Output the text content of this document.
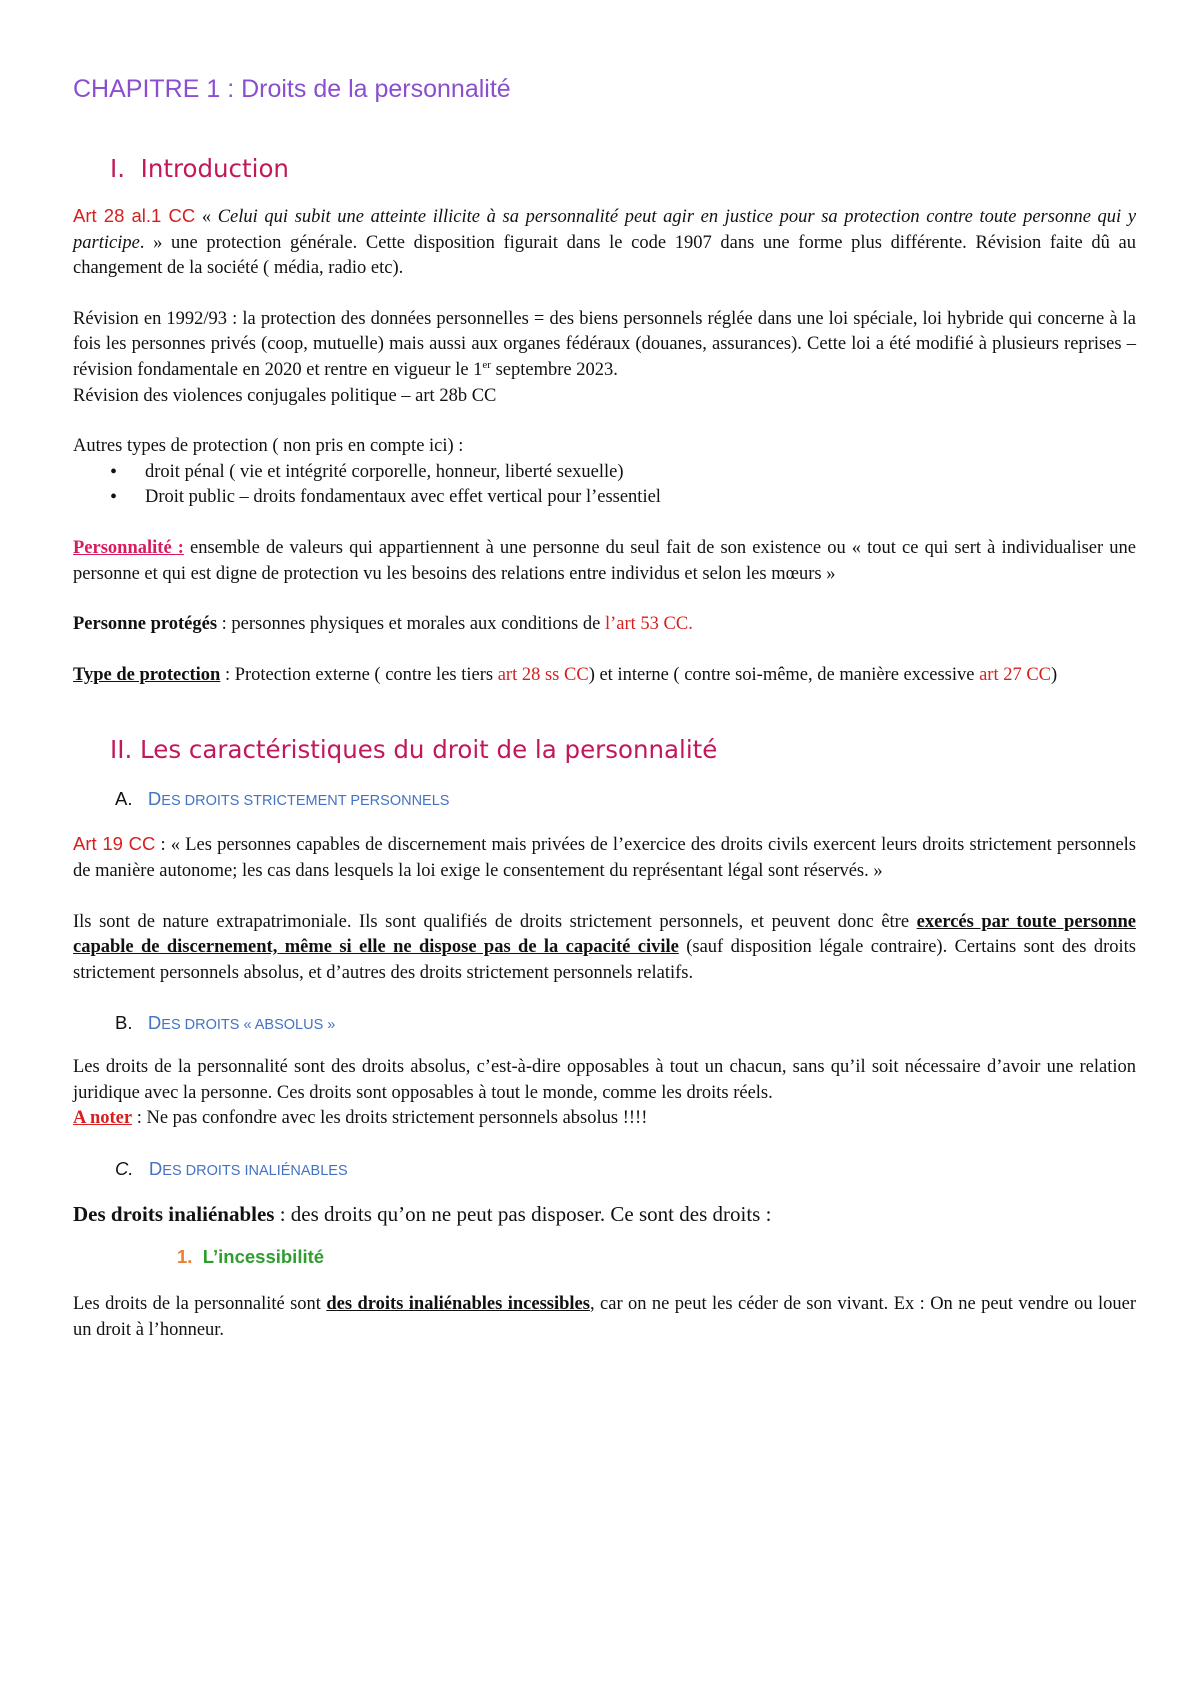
CHAPITRE 1 : Droits de la personnalité
I. Introduction

Art 28 al.1 CC « Celui qui subit une atteinte illicite à sa personnalité peut agir en justice pour sa protection contre toute personne qui y participe. » une protection générale. Cette disposition figurait dans le code 1907 dans une forme plus différente. Révision faite dû au changement de la société ( média, radio etc).

Révision en 1992/93 : la protection des données personnelles = des biens personnels réglée dans une loi spéciale, loi hybride qui concerne à la fois les personnes privés (coop, mutuelle) mais aussi aux organes fédéraux (douanes, assurances). Cette loi a été modifié à plusieurs reprises – révision fondamentale en 2020 et rentre en vigueur le 1er septembre 2023.

Révision des violences conjugales politique – art 28b CC

Autres types de protection ( non pris en compte ici) :

• droit pénal ( vie et intégrité corporelle, honneur, liberté sexuelle)
• Droit public – droits fondamentaux avec effet vertical pour l’essentiel

Personnalité : ensemble de valeurs qui appartiennent à une personne du seul fait de son existence ou « tout ce qui sert à individualiser une personne et qui est digne de protection vu les besoins des relations entre individus et selon les mœurs »

Personne protégés : personnes physiques et morales aux conditions de l’art 53 CC.

Type de protection : Protection externe ( contre les tiers art 28 ss CC) et interne ( contre soi-même, de manière excessive art 27 CC)

II. Les caractéristiques du droit de la personnalité
A. DES DROITS STRICTEMENT PERSONNELS

Art 19 CC : « Les personnes capables de discernement mais privées de l’exercice des droits civils exercent leurs droits strictement personnels de manière autonome; les cas dans lesquels la loi exige le consentement du représentant légal sont réservés. »

Ils sont de nature extrapatrimoniale. Ils sont qualifiés de droits strictement personnels, et peuvent donc être exercés par toute personne capable de discernement, même si elle ne dispose pas de la capacité civile (sauf disposition légale contraire). Certains sont des droits strictement personnels absolus, et d’autres des droits strictement personnels relatifs.

B. DES DROITS « ABSOLUS »

Les droits de la personnalité sont des droits absolus, c’est-à-dire opposables à tout un chacun, sans qu’il soit nécessaire d’avoir une relation juridique avec la personne. Ces droits sont opposables à tout le monde, comme les droits réels.
A noter : Ne pas confondre avec les droits strictement personnels absolus !!!!

C. DES DROITS INALIÉNABLES

Des droits inaliénables : des droits qu’on ne peut pas disposer. Ce sont des droits :

1. L’incessibilité

Les droits de la personnalité sont des droits inaliénables incessibles, car on ne peut les céder de son vivant. Ex : On ne peut vendre ou louer un droit à l’honneur.
